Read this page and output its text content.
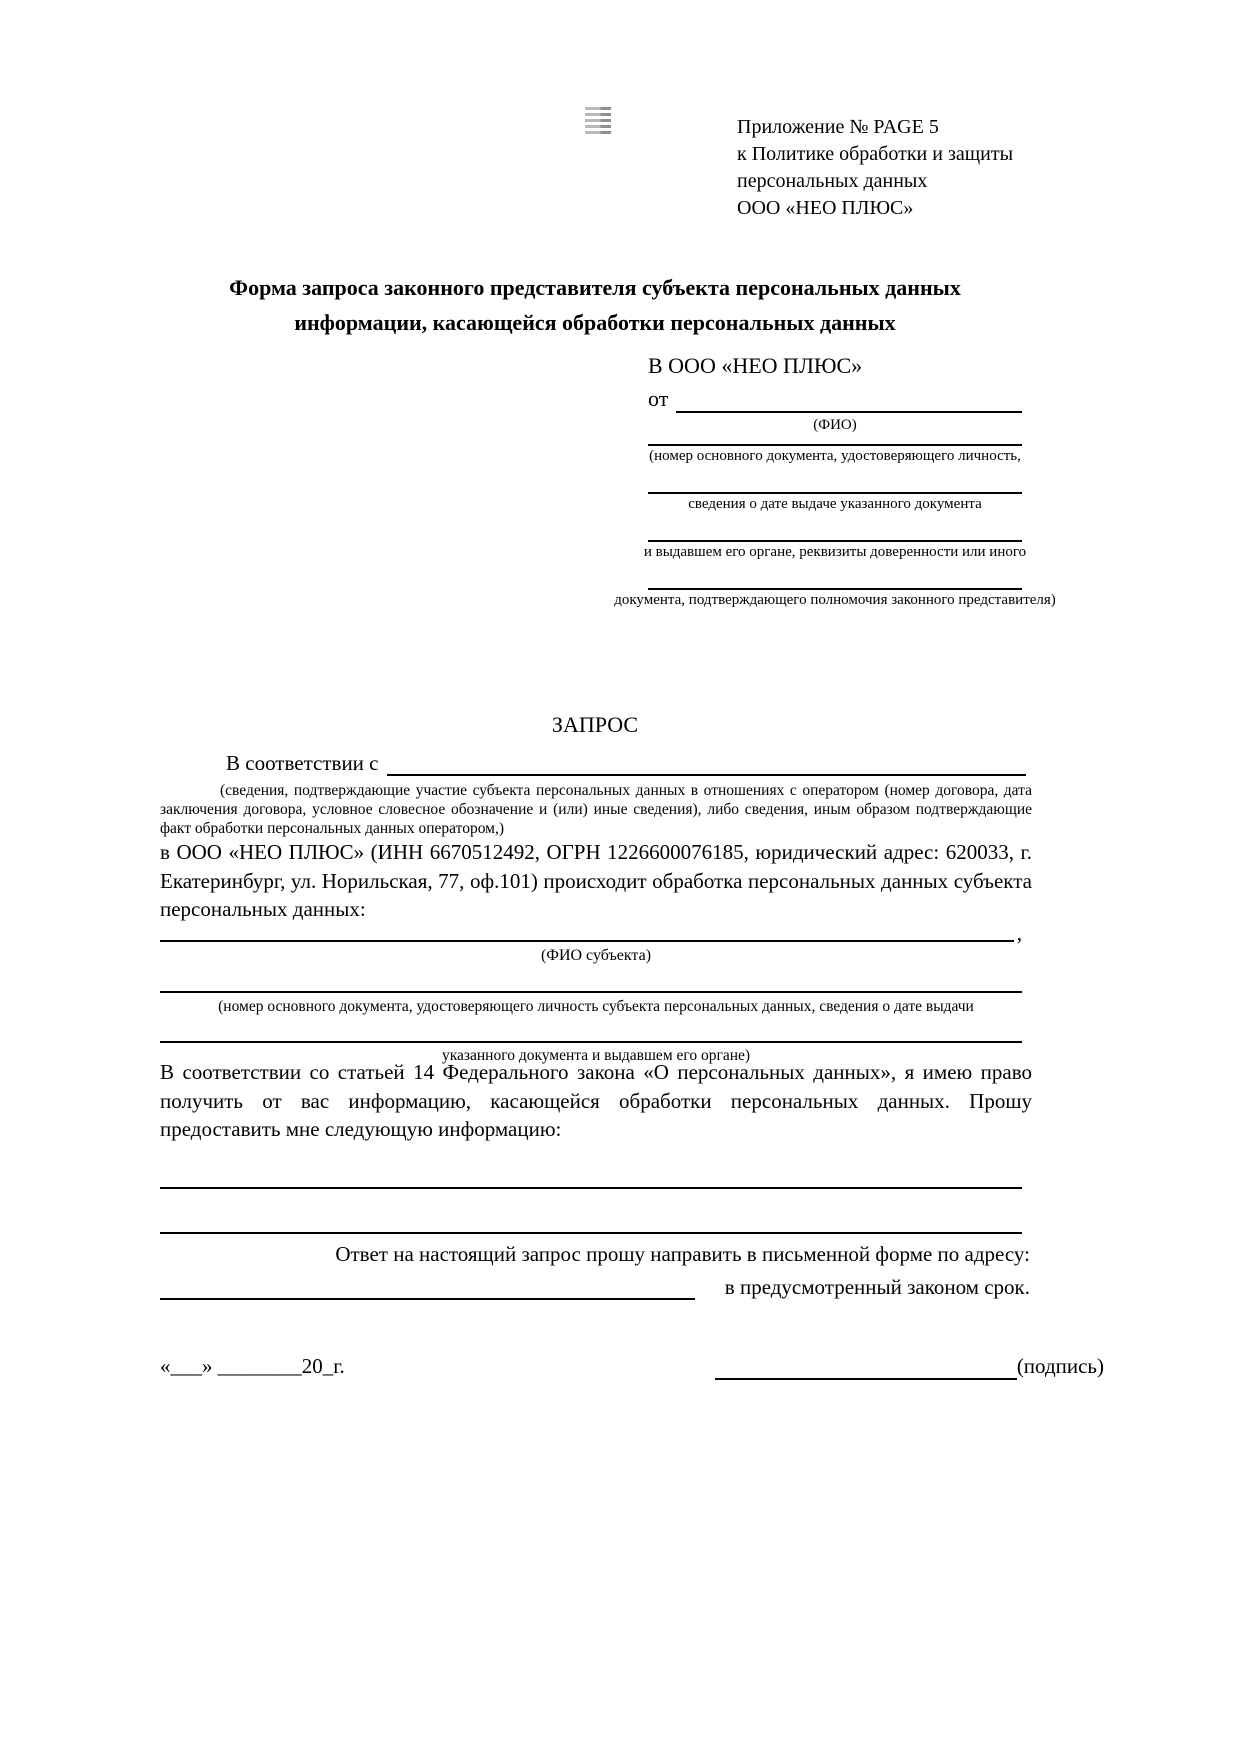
Приложение № PAGE 5
к Политике обработки и защиты
персональных данных
ООО «НЕО ПЛЮС»
Форма запроса законного представителя субъекта персональных данных
информации, касающейся обработки персональных данных
В ООО «НЕО ПЛЮС»
от
(ФИО)
(номер основного документа, удостоверяющего личность,
сведения о дате выдаче указанного документа
и выдавшем его органе, реквизиты доверенности или иного
документа, подтверждающего полномочия законного представителя)
ЗАПРОС
В соответствии с
(сведения, подтверждающие участие субъекта персональных данных в отношениях с оператором (номер договора, дата заключения договора, условное словесное обозначение и (или) иные сведения), либо сведения, иным образом подтверждающие факт обработки персональных данных оператором,)
в ООО «НЕО ПЛЮС» (ИНН 6670512492, ОГРН 1226600076185, юридический адрес: 620033, г. Екатеринбург, ул. Норильская, 77, оф.101) происходит обработка персональных данных субъекта персональных данных:
,
(ФИО субъекта)
(номер основного документа, удостоверяющего личность субъекта персональных данных, сведения о дате выдачи
указанного документа и выдавшем его органе)
В соответствии со статьей 14 Федерального закона «О персональных данных», я имею право получить от вас информацию, касающейся обработки персональных данных. Прошу предоставить мне следующую информацию:
Ответ на настоящий запрос прошу направить в письменной форме по адресу:
в предусмотренный законом срок.
«___» ________20_г.	(подпись)
